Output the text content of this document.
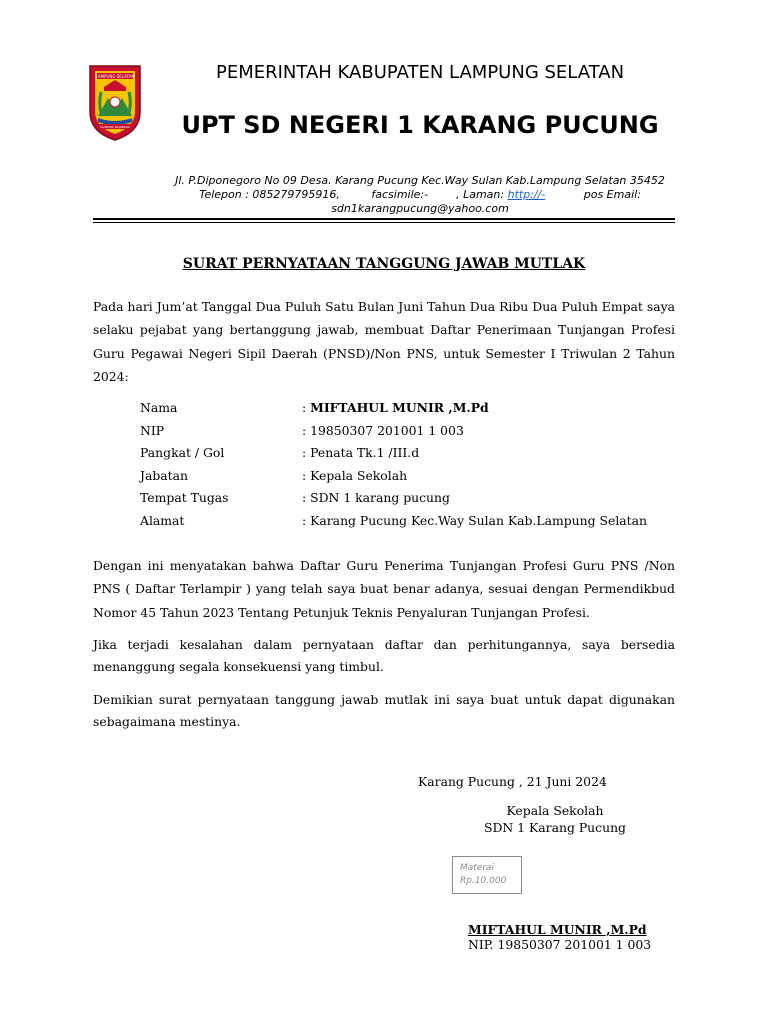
LAMPUNG SELATAN
GUNUNG RAJABASA
PEMERINTAH KABUPATEN LAMPUNG SELATAN
UPT SD NEGERI 1 KARANG PUCUNG
Jl. P.Diponegoro No 09 Desa. Karang Pucung Kec.Way Sulan Kab.Lampung Selatan 35452
Telepon : 085279795916,	facsimile:-	, Laman: http://-	pos Email:
sdn1karangpucung@yahoo.com
SURAT PERNYATAAN TANGGUNG JAWAB MUTLAK
Pada hari Jum’at Tanggal Dua Puluh Satu Bulan Juni Tahun Dua Ribu Dua Puluh Empat saya selaku pejabat yang bertanggung jawab, membuat Daftar Penerimaan Tunjangan Profesi Guru Pegawai Negeri Sipil Daerah (PNSD)/Non PNS, untuk Semester I Triwulan 2 Tahun 2024:
Nama	: MIFTAHUL MUNIR ,M.Pd
NIP	: 19850307 201001 1 003
Pangkat / Gol	: Penata Tk.1 /III.d
Jabatan	: Kepala Sekolah
Tempat Tugas	: SDN 1 karang pucung
Alamat	: Karang Pucung Kec.Way Sulan Kab.Lampung Selatan
Dengan ini menyatakan bahwa Daftar Guru Penerima Tunjangan Profesi Guru PNS /Non PNS ( Daftar Terlampir ) yang telah saya buat benar adanya, sesuai dengan Permendikbud Nomor 45 Tahun 2023 Tentang Petunjuk Teknis Penyaluran Tunjangan Profesi.
Jika terjadi kesalahan dalam pernyataan daftar dan perhitungannya, saya bersedia menanggung segala konsekuensi yang timbul.
Demikian surat pernyataan tanggung jawab mutlak ini saya buat untuk dapat digunakan sebagaimana mestinya.
Karang Pucung , 21 Juni 2024
Kepala Sekolah
SDN 1 Karang Pucung
Materai
Rp.10.000
MIFTAHUL MUNIR ,M.Pd
NIP. 19850307 201001 1 003
